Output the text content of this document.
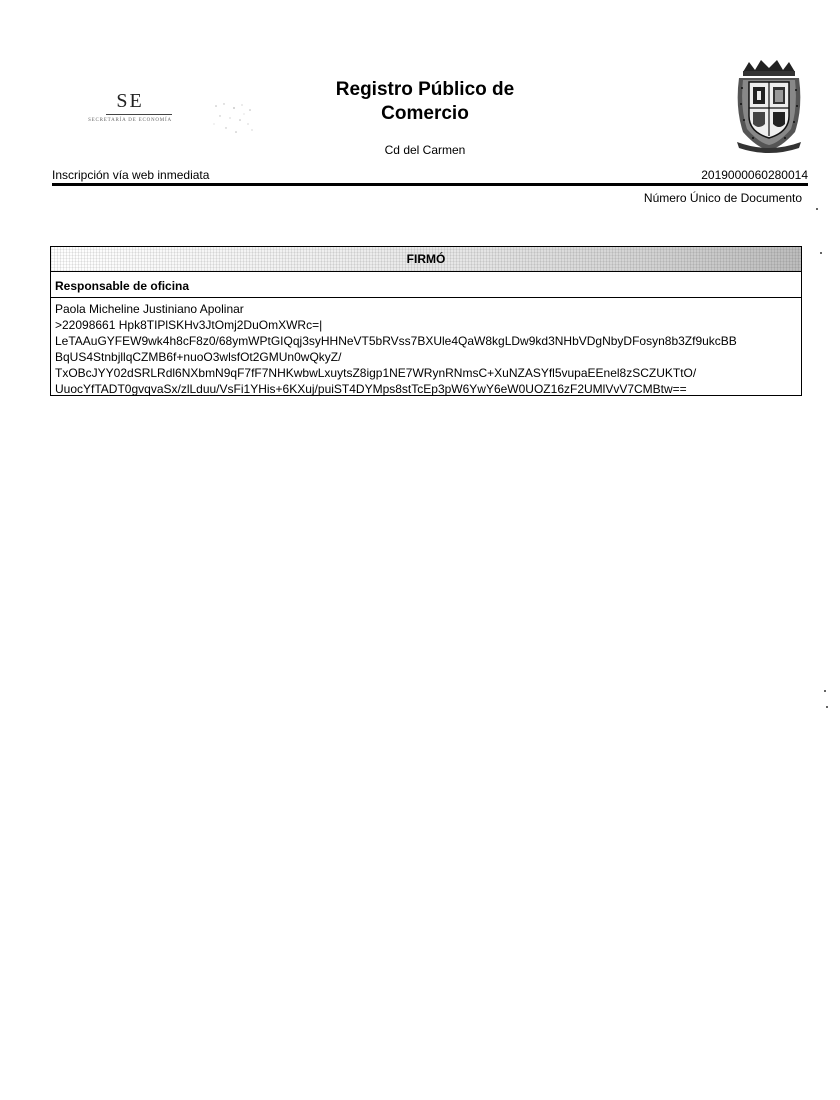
SE
SECRETARÍA DE ECONOMÍA
Registro Público de
Comercio
Cd del Carmen
Inscripción vía web inmediata	2019000060280014
Número Único de Documento
FIRMÓ
Responsable de oficina
Paola Micheline Justiniano Apolinar
>22098661 Hpk8TIPlSKHv3JtOmj2DuOmXWRc=|
LeTAAuGYFEW9wk4h8cF8z0/68ymWPtGIQqj3syHHNeVT5bRVss7BXUle4QaW8kgLDw9kd3NHbVDgNbyDFosyn8b3Zf9ukcBB
BqUS4StnbjllqCZMB6f+nuoO3wlsfOt2GMUn0wQkyZ/
TxOBcJYY02dSRLRdl6NXbmN9qF7fF7NHKwbwLxuytsZ8igp1NE7WRynRNmsC+XuNZASYfl5vupaEEnel8zSCZUKTtO/
UuocYfTADT0gvqvaSx/zlLduu/VsFi1YHis+6KXuj/puiST4DYMps8stTcEp3pW6YwY6eW0UOZ16zF2UMlVvV7CMBtw==
